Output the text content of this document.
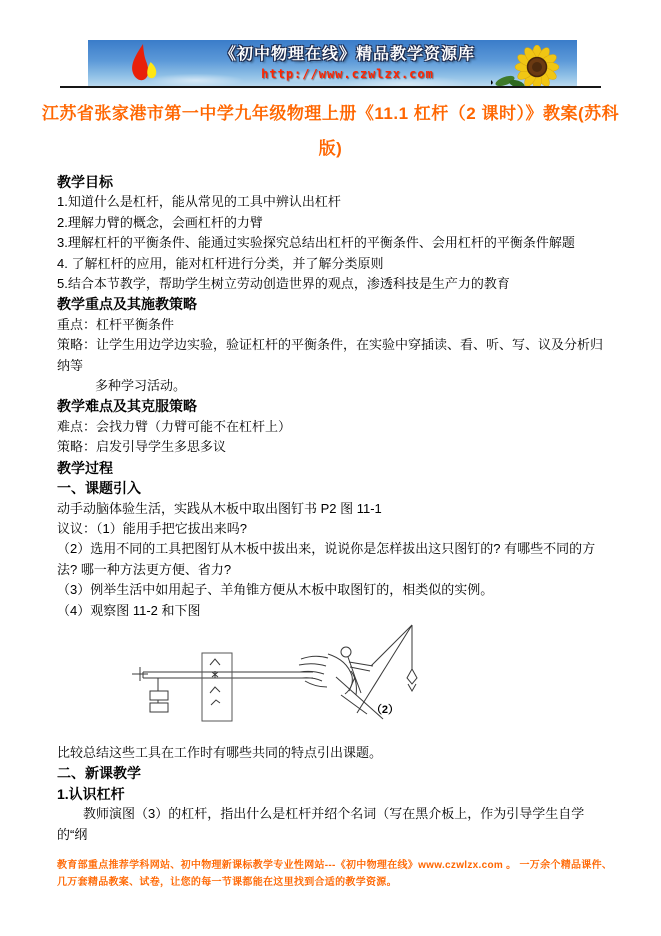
《初中物理在线》精品教学资源库
http://www.czwlzx.com
江苏省张家港市第一中学九年级物理上册《11.1 杠杆（2 课时）》教案(苏科
版)
教学目标
1.知道什么是杠杆，能从常见的工具中辨认出杠杆
2.理解力臂的概念，会画杠杆的力臂
3.理解杠杆的平衡条件、能通过实验探究总结出杠杆的平衡条件、会用杠杆的平衡条件解题
4. 了解杠杆的应用，能对杠杆进行分类，并了解分类原则
5.结合本节教学，帮助学生树立劳动创造世界的观点，渗透科技是生产力的教育
教学重点及其施教策略
重点：杠杆平衡条件
策略：让学生用边学边实验，验证杠杆的平衡条件，在实验中穿插读、看、听、写、议及分析归纳等
多种学习活动。
教学难点及其克服策略
难点：会找力臂（力臂可能不在杠杆上）
策略：启发引导学生多思多议
教学过程
一、课题引入
动手动脑体验生活，实践从木板中取出图钉书 P2 图 11-1
议议：（1）能用手把它拔出来吗?
（2）选用不同的工具把图钉从木板中拔出来，说说你是怎样拔出这只图钉的? 有哪些不同的方法? 哪一种方法更方便、省力?
（3）例举生活中如用起子、羊角锥方便从木板中取图钉的，相类似的实例。
（4）观察图 11-2 和下图
（2）
比较总结这些工具在工作时有哪些共同的特点引出课题。
二、新课教学
1.认识杠杆
教师演图（3）的杠杆，指出什么是杠杆并绍个名词（写在黑介板上，作为引导学生自学的“纲
教育部重点推荐学科网站、初中物理新课标教学专业性网站---《初中物理在线》www.czwlzx.com 。 一万余个精品课件、
几万套精品教案、试卷，让您的每一节课都能在这里找到合适的教学资源。
